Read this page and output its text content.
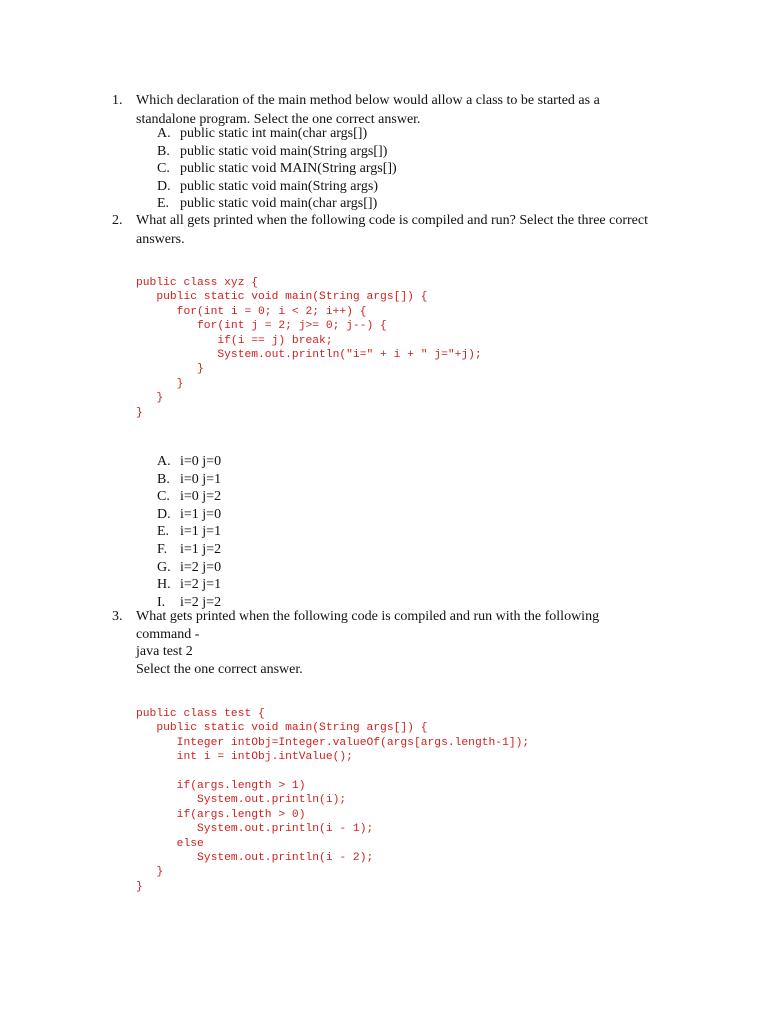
1. Which declaration of the main method below would allow a class to be started as a standalone program. Select the one correct answer.
A. public static int main(char args[])
B. public static void main(String args[])
C. public static void MAIN(String args[])
D. public static void main(String args)
E. public static void main(char args[])
2. What all gets printed when the following code is compiled and run? Select the three correct answers.
public class xyz {
public static void main(String args[]) {
for(int i = 0; i < 2; i++) {
for(int j = 2; j>= 0; j--) {
if(i == j) break;
System.out.println("i=" + i + " j="+j);
}
}
}
}
A. i=0 j=0
B. i=0 j=1
C. i=0 j=2
D. i=1 j=0
E. i=1 j=1
F. i=1 j=2
G. i=2 j=0
H. i=2 j=1
I. i=2 j=2
3. What gets printed when the following code is compiled and run with the following
command -
java test 2
Select the one correct answer.
public class test {
public static void main(String args[]) {
Integer intObj=Integer.valueOf(args[args.length-1]);
int i = intObj.intValue();
if(args.length > 1)
System.out.println(i);
if(args.length > 0)
System.out.println(i - 1);
else
System.out.println(i - 2);
}
}
